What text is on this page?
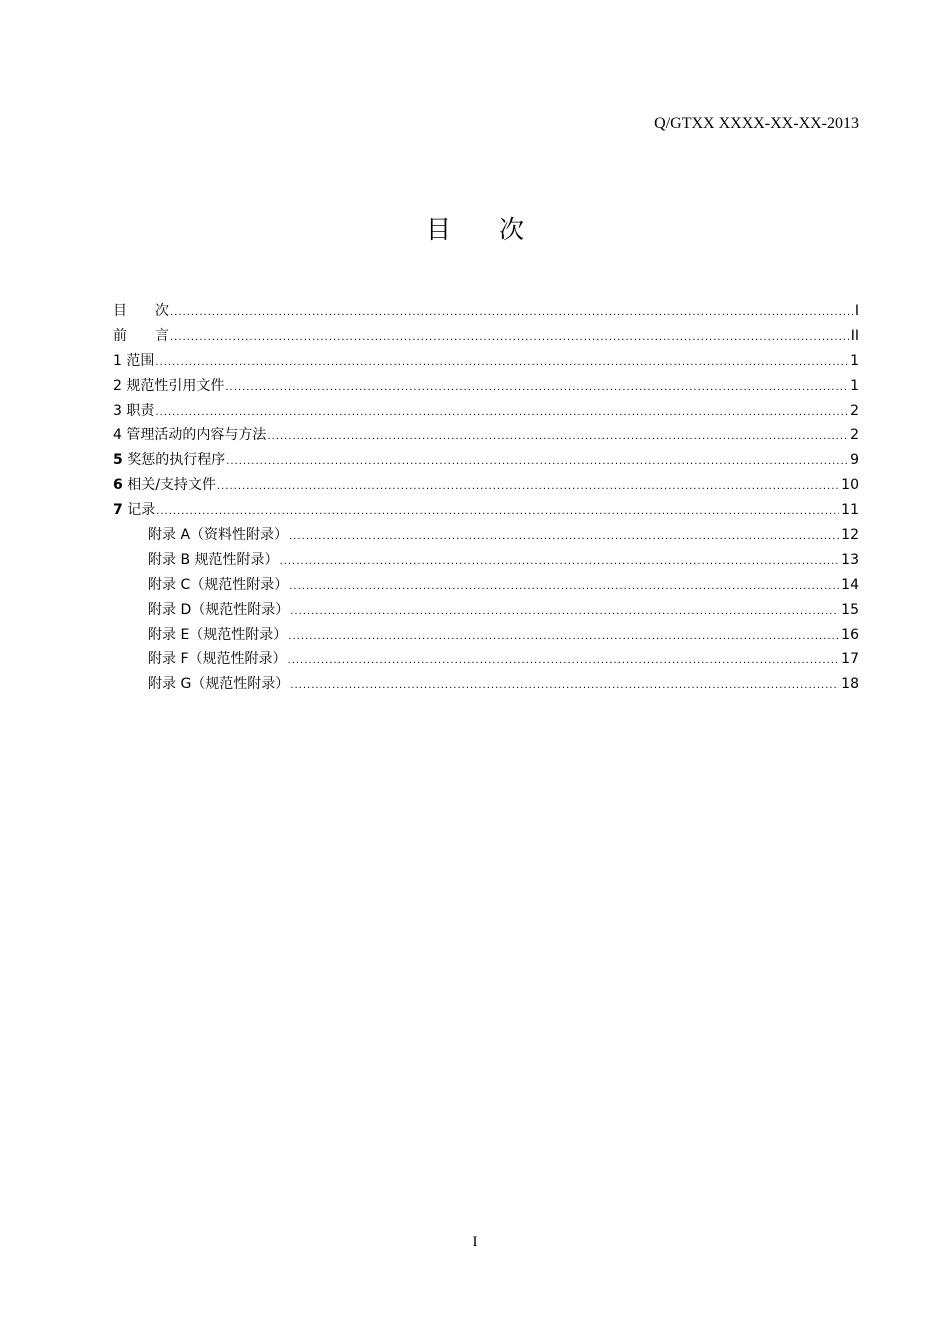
Q/GTXX XXXX-XX-XX-2013
目 次
目 次 .....	I
前 言 .....	II
1 范围 .....	1
2 规范性引用文件 .....	1
3 职责 .....	2
4 管理活动的内容与方法 .....	2
5 奖惩的执行程序 .....	9
6 相关/支持文件 .....	10
7 记录 .....	11
附录 A（资料性附录） .....	12
附录 B 规范性附录） .....	13
附录 C（规范性附录） .....	14
附录 D（规范性附录） .....	15
附录 E（规范性附录） .....	16
附录 F（规范性附录） .....	17
附录 G（规范性附录） .....	18
I
